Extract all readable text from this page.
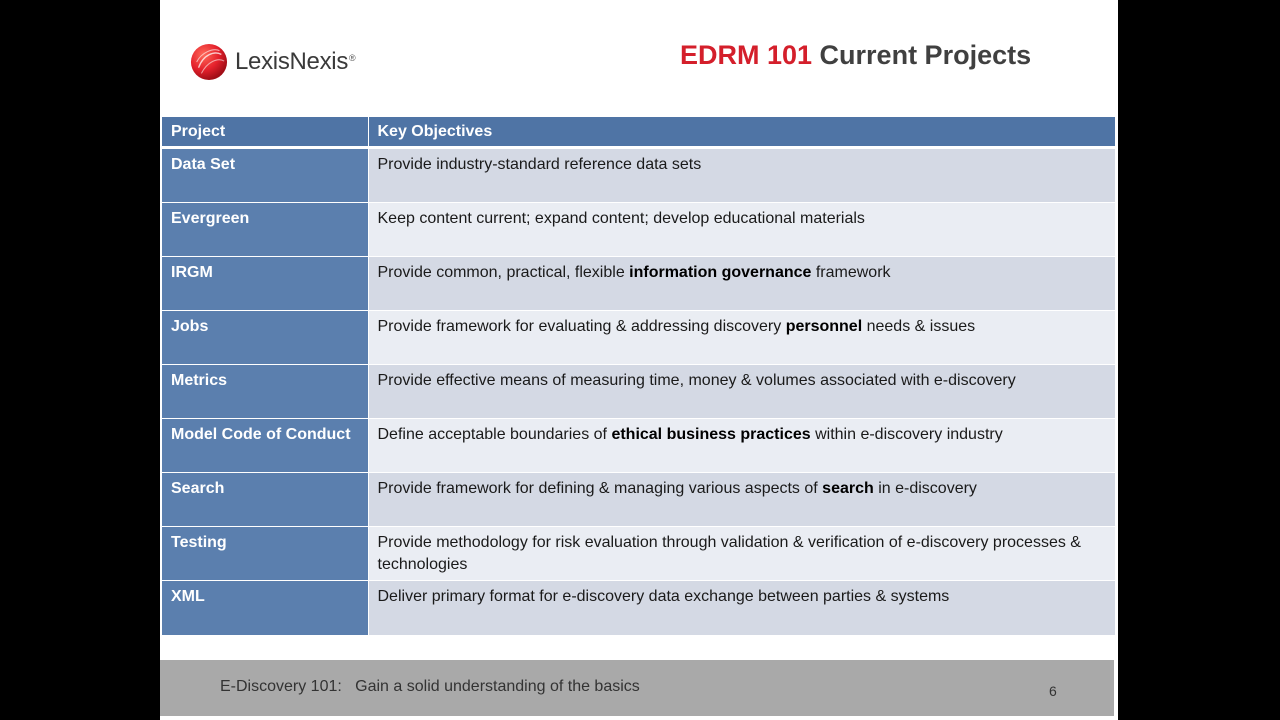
LexisNexis ®	EDRM 101 Current Projects
Project	Key Objectives
Data Set	Provide industry-standard reference data sets
Evergreen	Keep content current; expand content; develop educational materials
IRGM	Provide common, practical, flexible information governance framework
Jobs	Provide framework for evaluating & addressing discovery personnel needs & issues
Metrics	Provide effective means of measuring time, money & volumes associated with e-discovery
Model Code of Conduct	Define acceptable boundaries of ethical business practices within e-discovery industry
Search	Provide framework for defining & managing various aspects of search in e-discovery
Testing	Provide methodology for risk evaluation through validation & verification of e-discovery processes & technologies
XML	Deliver primary format for e-discovery data exchange between parties & systems
E-Discovery 101:   Gain a solid understanding of the basics	6
